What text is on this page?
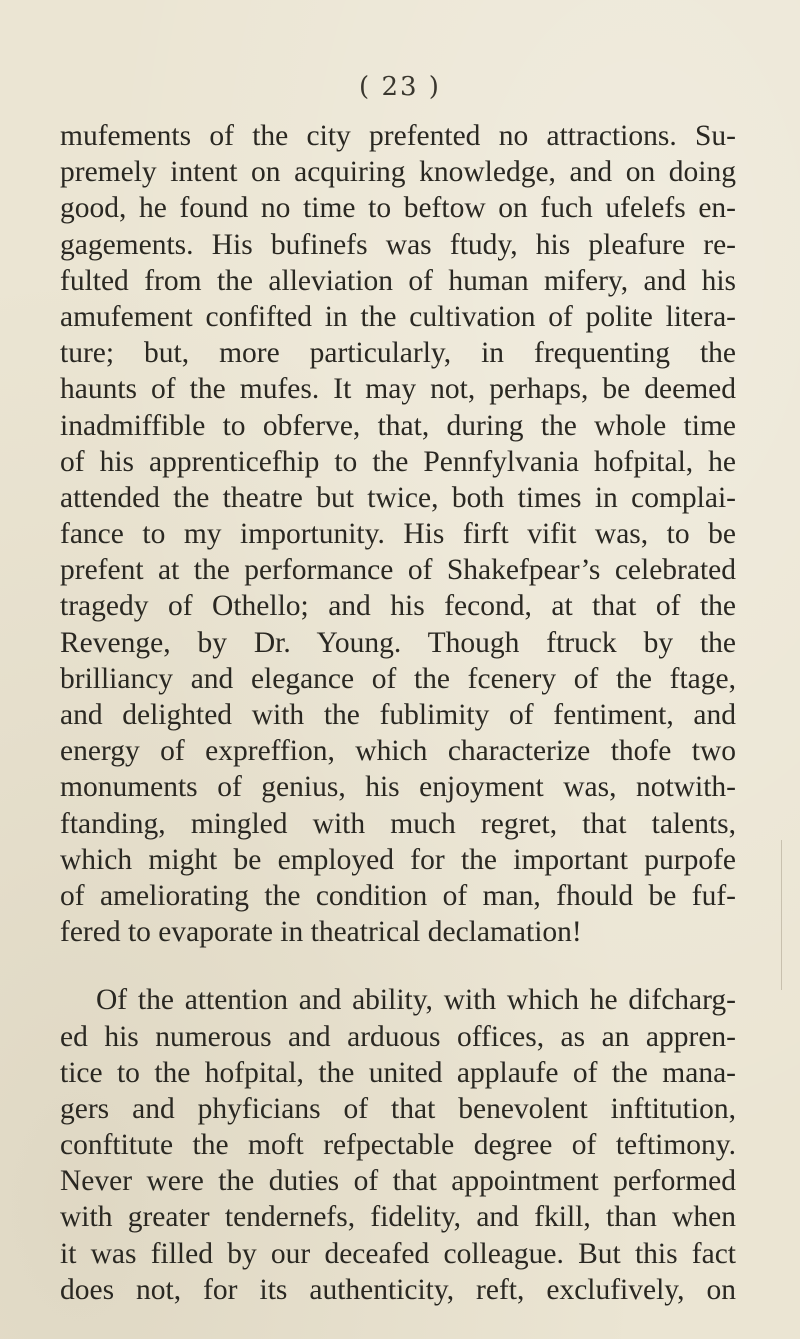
( 23 )
mufements of the city prefented no attractions. Su-
premely intent on acquiring knowledge, and on doing
good, he found no time to beftow on fuch ufelefs en-
gagements. His bufinefs was ftudy, his pleafure re-
fulted from the alleviation of human mifery, and his
amufement confifted in the cultivation of polite litera-
ture; but, more particularly, in frequenting the
haunts of the mufes. It may not, perhaps, be deemed
inadmiffible to obferve, that, during the whole time
of his apprenticefhip to the Pennfylvania hofpital, he
attended the theatre but twice, both times in complai-
fance to my importunity. His firft vifit was, to be
prefent at the performance of Shakefpear’s celebrated
tragedy of Othello; and his fecond, at that of the
Revenge, by Dr. Young. Though ftruck by the
brilliancy and elegance of the fcenery of the ftage,
and delighted with the fublimity of fentiment, and
energy of expreffion, which characterize thofe two
monuments of genius, his enjoyment was, notwith-
ftanding, mingled with much regret, that talents,
which might be employed for the important purpofe
of ameliorating the condition of man, fhould be fuf-
fered to evaporate in theatrical declamation!
Of the attention and ability, with which he difcharg-
ed his numerous and arduous offices, as an appren-
tice to the hofpital, the united applaufe of the mana-
gers and phyficians of that benevolent inftitution,
conftitute the moft refpectable degree of teftimony.
Never were the duties of that appointment performed
with greater tendernefs, fidelity, and fkill, than when
it was filled by our deceafed colleague. But this fact
does not, for its authenticity, reft, exclufively, on
